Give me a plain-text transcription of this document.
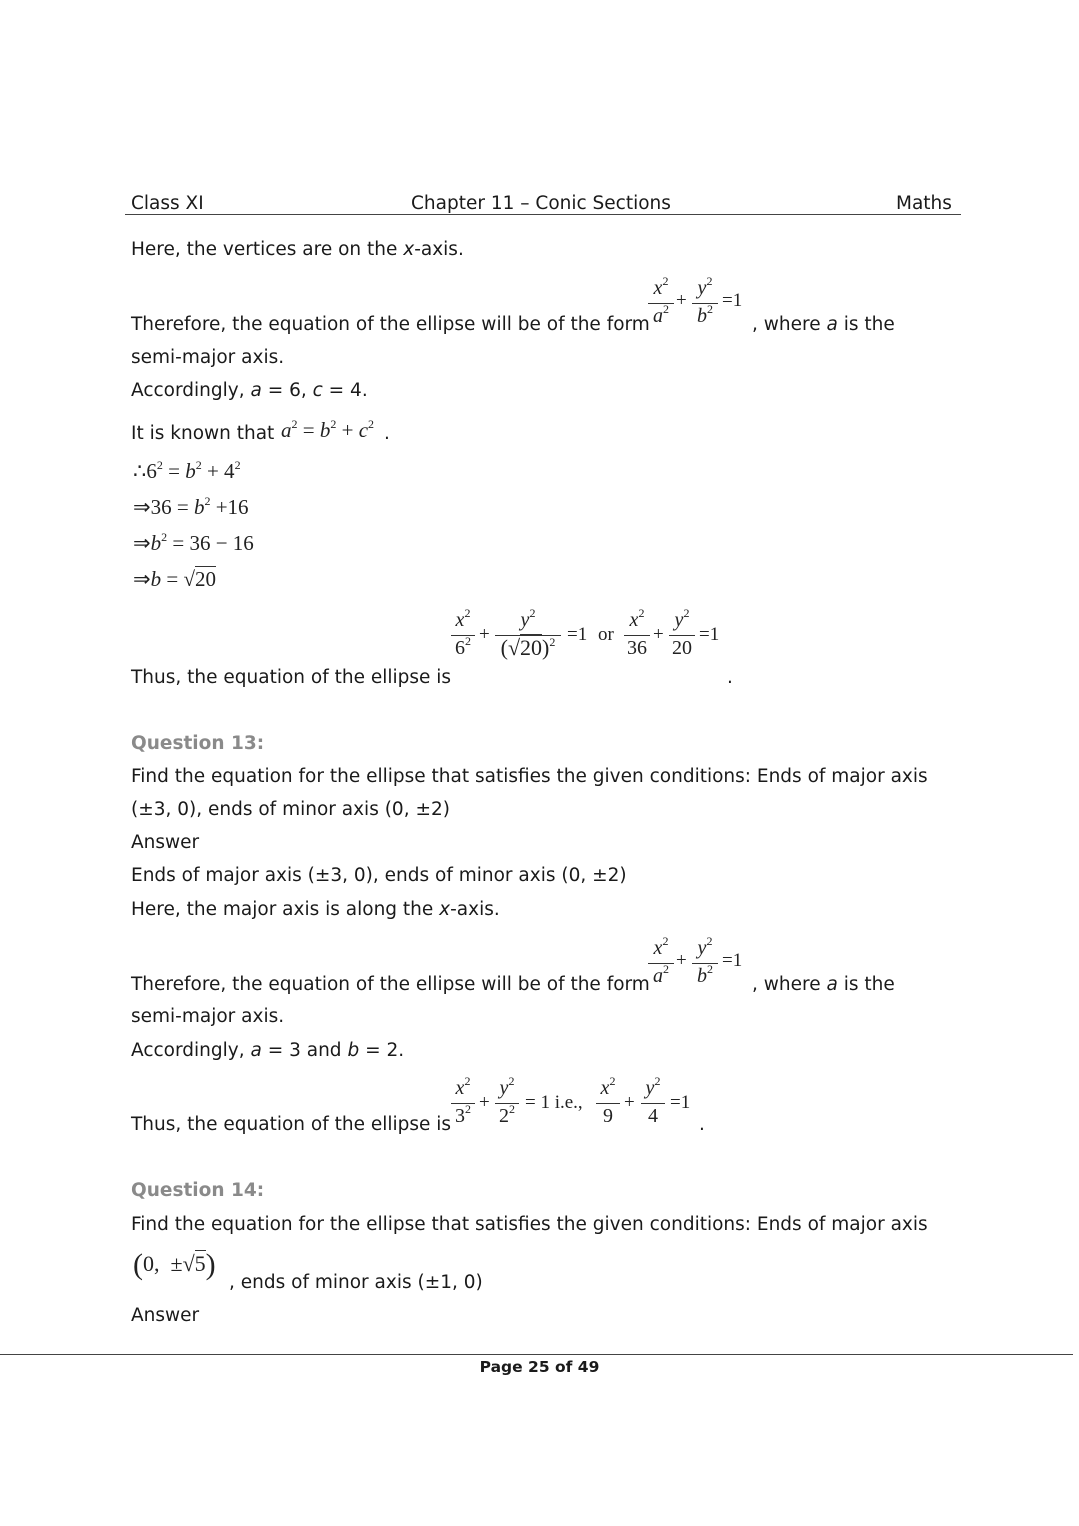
Class XI	Chapter 11 – Conic Sections	Maths
Here, the vertices are on the x-axis.
$x^2$
$a^2$ +
$y^2$
$b^2 =1$
Therefore, the equation of the ellipse will be of the form	, where a is the
semi-major axis.
Accordingly, a = 6, c = 4.
It is known that $a^2 = b^2 + c^2$ .
$\therefore 6^2 = b^2 + 4^2$
⇒36 = $b^2 +16$
$\Rightarrow b^2 = 36 - 16$
⇒b = √20
$x^2$
$6^2$ +
$y^2$
$(√20)^2 =1$ or
$x^2$
36
+
$y^2$
20
=1
Thus, the equation of the ellipse is	.
Question 13:
Find the equation for the ellipse that satisfies the given conditions: Ends of major axis
(±3, 0), ends of minor axis (0, ±2)
Answer
Ends of major axis (±3, 0), ends of minor axis (0, ±2)
Here, the major axis is along the x-axis.
$x^2$
$a^2$ +
$y^2$
$b^2 =1$
Therefore, the equation of the ellipse will be of the form	, where a is the
semi-major axis.
Accordingly, a = 3 and b = 2.
$x^2$
$3^2$ +
$y^2$
$2^2 = 1$ i.e.,
$x^2$
9
+
$y^2$
4
=1
Thus, the equation of the ellipse is	.
Question 14:
Find the equation for the ellipse that satisfies the given conditions: Ends of major axis
(0,  ±√5)
, ends of minor axis (±1, 0)
Answer
Page 25 of 49
